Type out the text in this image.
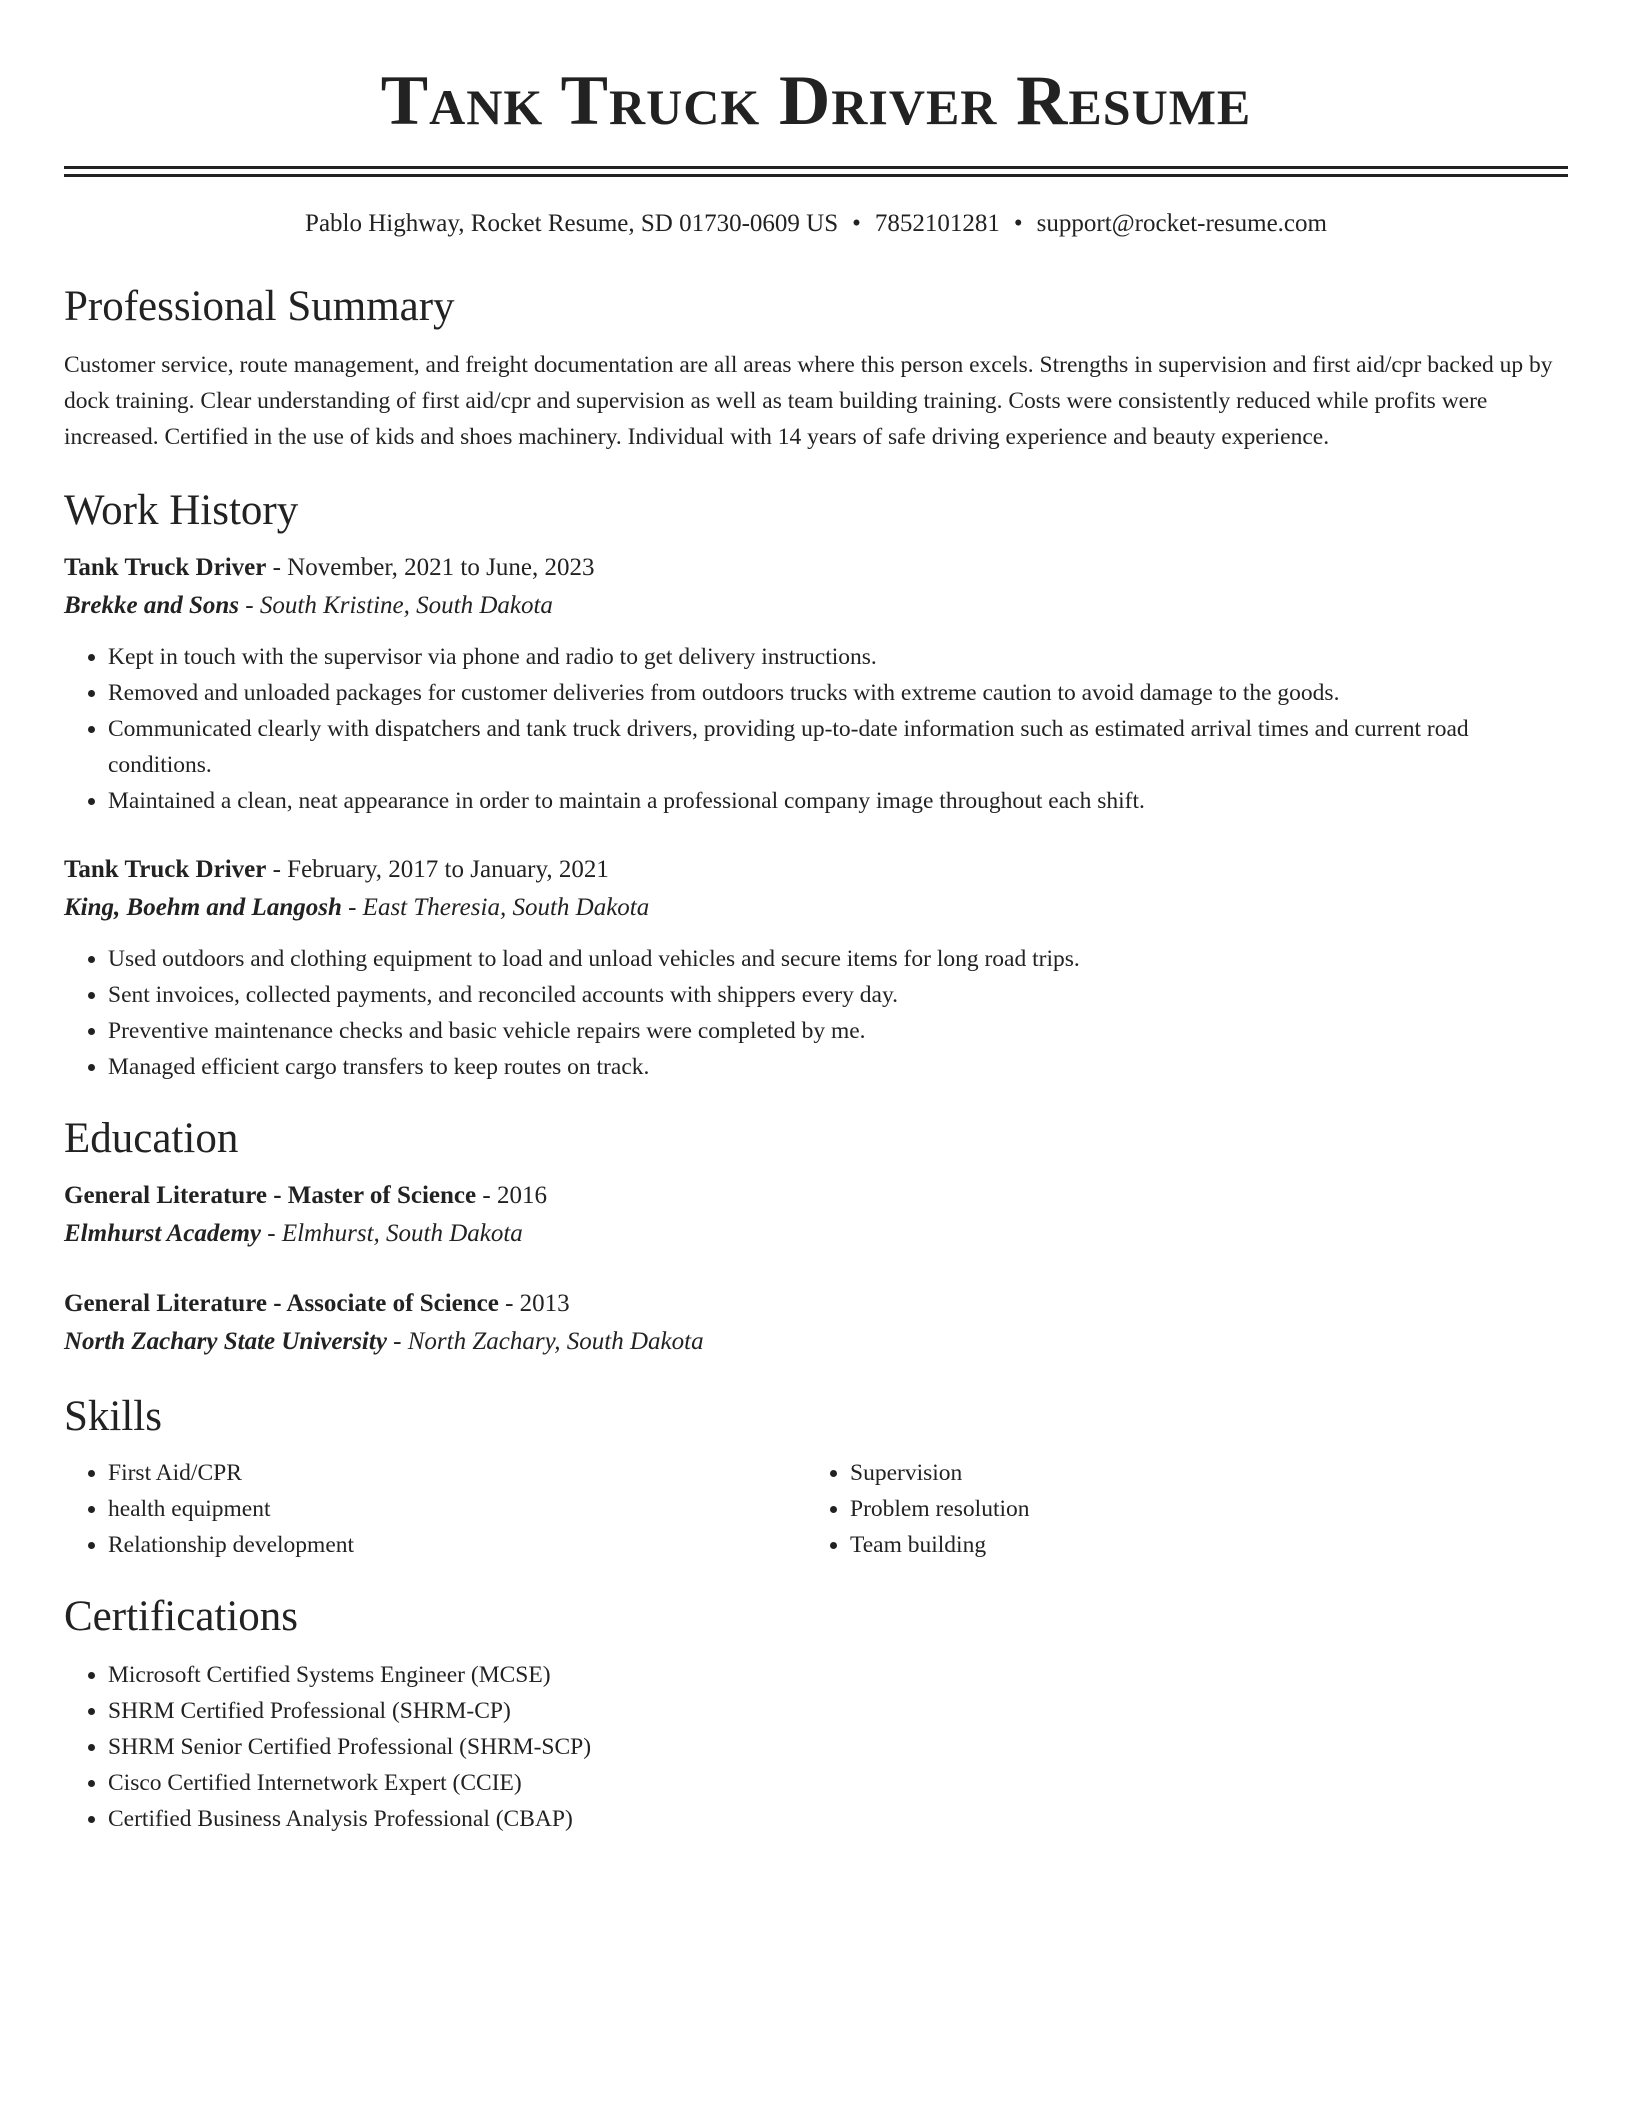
Tank Truck Driver Resume
Pablo Highway, Rocket Resume, SD 01730-0609 US • 7852101281 • support@rocket-resume.com
Professional Summary

Customer service, route management, and freight documentation are all areas where this person excels. Strengths in supervision and first aid/cpr backed up by dock training. Clear understanding of first aid/cpr and supervision as well as team building training. Costs were consistently reduced while profits were increased. Certified in the use of kids and shoes machinery. Individual with 14 years of safe driving experience and beauty experience.

Work History
Tank Truck Driver - November, 2021 to June, 2023
Brekke and Sons - South Kristine, South Dakota
• Kept in touch with the supervisor via phone and radio to get delivery instructions.
• Removed and unloaded packages for customer deliveries from outdoors trucks with extreme caution to avoid damage to the goods.
• Communicated clearly with dispatchers and tank truck drivers, providing up-to-date information such as estimated arrival times and current road conditions.
• Maintained a clean, neat appearance in order to maintain a professional company image throughout each shift.
Tank Truck Driver - February, 2017 to January, 2021
King, Boehm and Langosh - East Theresia, South Dakota
• Used outdoors and clothing equipment to load and unload vehicles and secure items for long road trips.
• Sent invoices, collected payments, and reconciled accounts with shippers every day.
• Preventive maintenance checks and basic vehicle repairs were completed by me.
• Managed efficient cargo transfers to keep routes on track.
Education
General Literature - Master of Science - 2016
Elmhurst Academy - Elmhurst, South Dakota
General Literature - Associate of Science - 2013
North Zachary State University - North Zachary, South Dakota
Skills
• First Aid/CPR
• health equipment
• Relationship development
• Supervision
• Problem resolution
• Team building
Certifications
• Microsoft Certified Systems Engineer (MCSE)
• SHRM Certified Professional (SHRM-CP)
• SHRM Senior Certified Professional (SHRM-SCP)
• Cisco Certified Internetwork Expert (CCIE)
• Certified Business Analysis Professional (CBAP)
